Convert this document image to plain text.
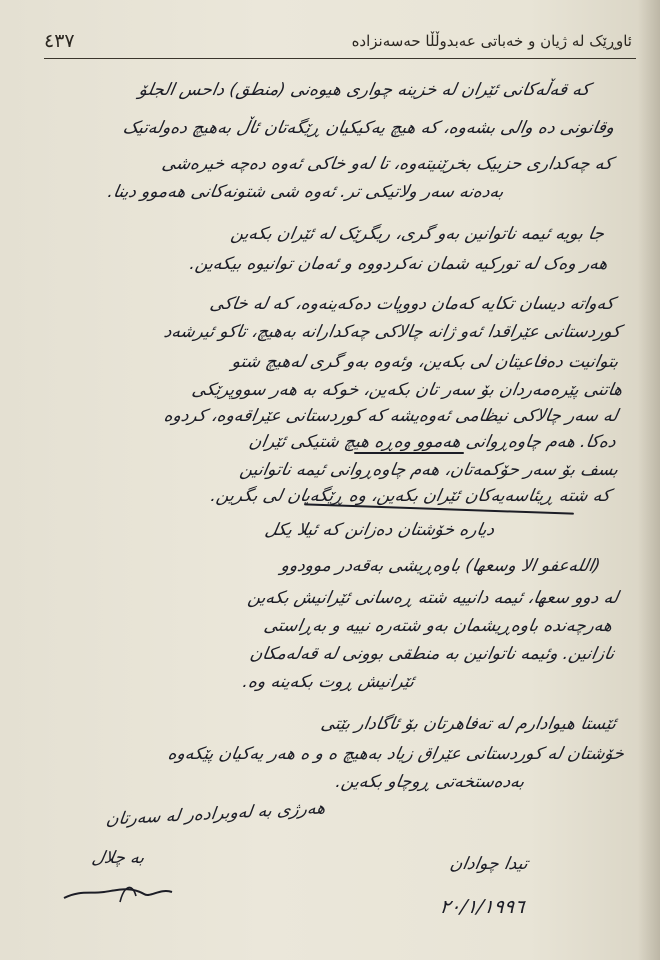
٤٣٧	ئاوڕێک لە ژیان و خەباتی عەبدوڵڵا حەسەنزادە
کە قەڵەکانی ئێران لە خزینە چواری هیوەنی (منطق) داحس الجلۆ
وقانونی دە والی بشەوە، کە هیچ یەکیکیان ڕێگەتان ئاڵ بەهیچ دەولەتیک
کە چەکداری حزبیک بخرێنیتەوە، تا لەو خاکی ئەوە دەچە خیرەشی
بەدەنە سەر ولاتیکی تر. ئەوە شی شتونەکانی هەموو دینا.
جا بویە ئیمە ناتوانین بەو گری، ریگرێک لە ئێران بکەین
هەر وەک لە تورکیە شمان نەکردووە و ئەمان توانیوە بیکەین.
کەواتە دیسان تکایە کەمان دووپات دەکەینەوە، کە لە خاکی
کوردستانی عێراقدا ئەو ژانە چالاکی چەکدارانە بەهیچ، تاکو ئیرشەد
بتوانیت دەفاعیتان لی بکەین، وئەوە بەو گری لەهیچ شتو
هاتنی پێرەمەردان بۆ سەر تان بکەین، خوکە بە هەر سووپرێکی
لە سەر چالاکی نیظامی ئەوەیشە کە کوردستانی عێراقەوە، کردوە
دەکا. هەم چاوەڕوانی هەموو وەڕە هیچ شتیکی ئێران
بسف بۆ سەر حۆکمەتان، هەم چاوەڕوانی ئیمە ناتوانین
کە شتە ڕیئاسەیەکان ئێران بکەین، وە ڕێگەیان لی بگرین.
دیارە خۆشتان دەزانن کە ئیلا یکل
(اللەعفو الا وسعها) باوەڕیشی بەقەدر موودوو
لە دوو سعها، ئیمە دانییە شتە ڕەسانی ئێرانیش بکەین
هەرچەندە باوەڕیشمان بەو شتەرە نییە و بەڕاستی
نازانین. وئیمە ناتوانین بە منطقی بوونی لە قەلەمکان
ئێرانیش ڕوت بکەینە وە.
ئێستا هیوادارم لە تەفاهرتان بۆ ئاگادار بێتی
خۆشتان لە کوردستانی عێراق زیاد بەهیچ ە و ە هەر یەکیان پێکەوە
بەدەستخەتی ڕوچاو بکەین.
هەرژی بە لەوبرادەر لە سەرتان
بە چلال	تیدا چوادان
٢٠/١/١٩٩٦
